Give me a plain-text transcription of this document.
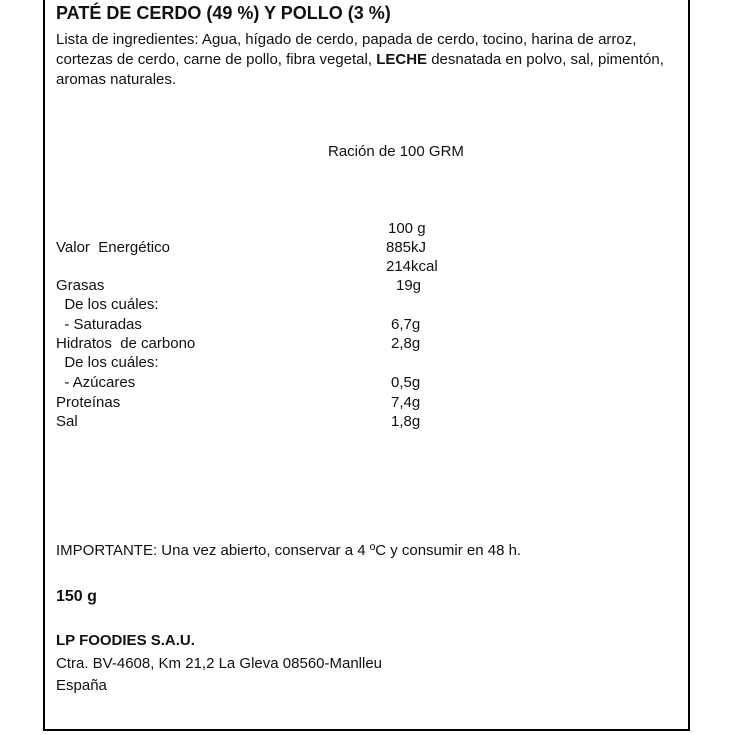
PATÉ DE CERDO (49 %) Y POLLO (3 %)
Lista de ingredientes: Agua, hígado de cerdo, papada de cerdo, tocino, harina de arroz, cortezas de cerdo, carne de pollo, fibra vegetal, LECHE desnatada en polvo, sal, pimentón, aromas naturales.
Ración de 100 GRM
100 g
Valor  Energético	885kJ
214kcal
Grasas	19g
De los cuáles:
- Saturadas	6,7g
Hidratos  de carbono	2,8g
De los cuáles:
- Azúcares	0,5g
Proteínas	7,4g
Sal	1,8g
IMPORTANTE: Una vez abierto, conservar a 4 ºC y consumir en 48 h.
150 g
LP FOODIES S.A.U.
Ctra. BV-4608, Km 21,2 La Gleva 08560-Manlleu
España
